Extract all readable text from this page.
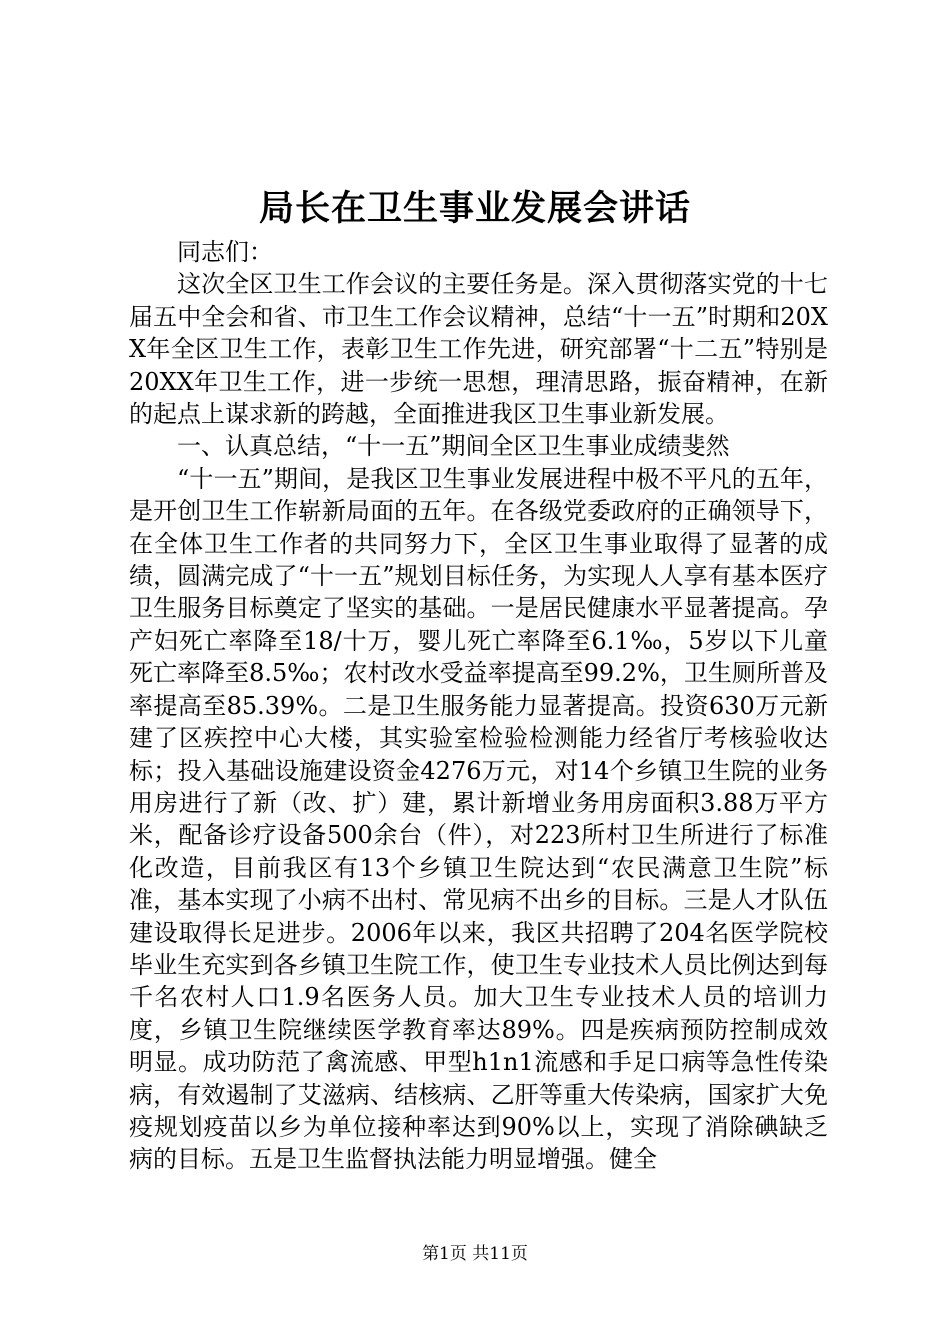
局长在卫生事业发展会讲话

同志们：

这次全区卫生工作会议的主要任务是。深入贯彻落实党的十七届五中全会和省、市卫生工作会议精神，总结“十一五”时期和20XX年全区卫生工作，表彰卫生工作先进，研究部署“十二五”特别是20XX年卫生工作，进一步统一思想，理清思路，振奋精神，在新的起点上谋求新的跨越，全面推进我区卫生事业新发展。

一、认真总结，“十一五”期间全区卫生事业成绩斐然

“十一五”期间，是我区卫生事业发展进程中极不平凡的五年，是开创卫生工作崭新局面的五年。在各级党委政府的正确领导下，在全体卫生工作者的共同努力下，全区卫生事业取得了显著的成绩，圆满完成了“十一五”规划目标任务，为实现人人享有基本医疗卫生服务目标奠定了坚实的基础。一是居民健康水平显著提高。孕产妇死亡率降至18/十万，婴儿死亡率降至6.1‰，5岁以下儿童死亡率降至8.5‰；农村改水受益率提高至99.2%，卫生厕所普及率提高至85.39%。二是卫生服务能力显著提高。投资630万元新建了区疾控中心大楼，其实验室检验检测能力经省厅考核验收达标；投入基础设施建设资金4276万元，对14个乡镇卫生院的业务用房进行了新（改、扩）建，累计新增业务用房面积3.88万平方米，配备诊疗设备500余台（件），对223所村卫生所进行了标准化改造，目前我区有13个乡镇卫生院达到“农民满意卫生院”标准，基本实现了小病不出村、常见病不出乡的目标。三是人才队伍建设取得长足进步。2006年以来，我区共招聘了204名医学院校毕业生充实到各乡镇卫生院工作，使卫生专业技术人员比例达到每千名农村人口1.9名医务人员。加大卫生专业技术人员的培训力度，乡镇卫生院继续医学教育率达89%。四是疾病预防控制成效明显。成功防范了禽流感、甲型h1n1流感和手足口病等急性传染病，有效遏制了艾滋病、结核病、乙肝等重大传染病，国家扩大免疫规划疫苗以乡为单位接种率达到90%以上，实现了消除碘缺乏病的目标。五是卫生监督执法能力明显增强。健全

第1页 共11页
